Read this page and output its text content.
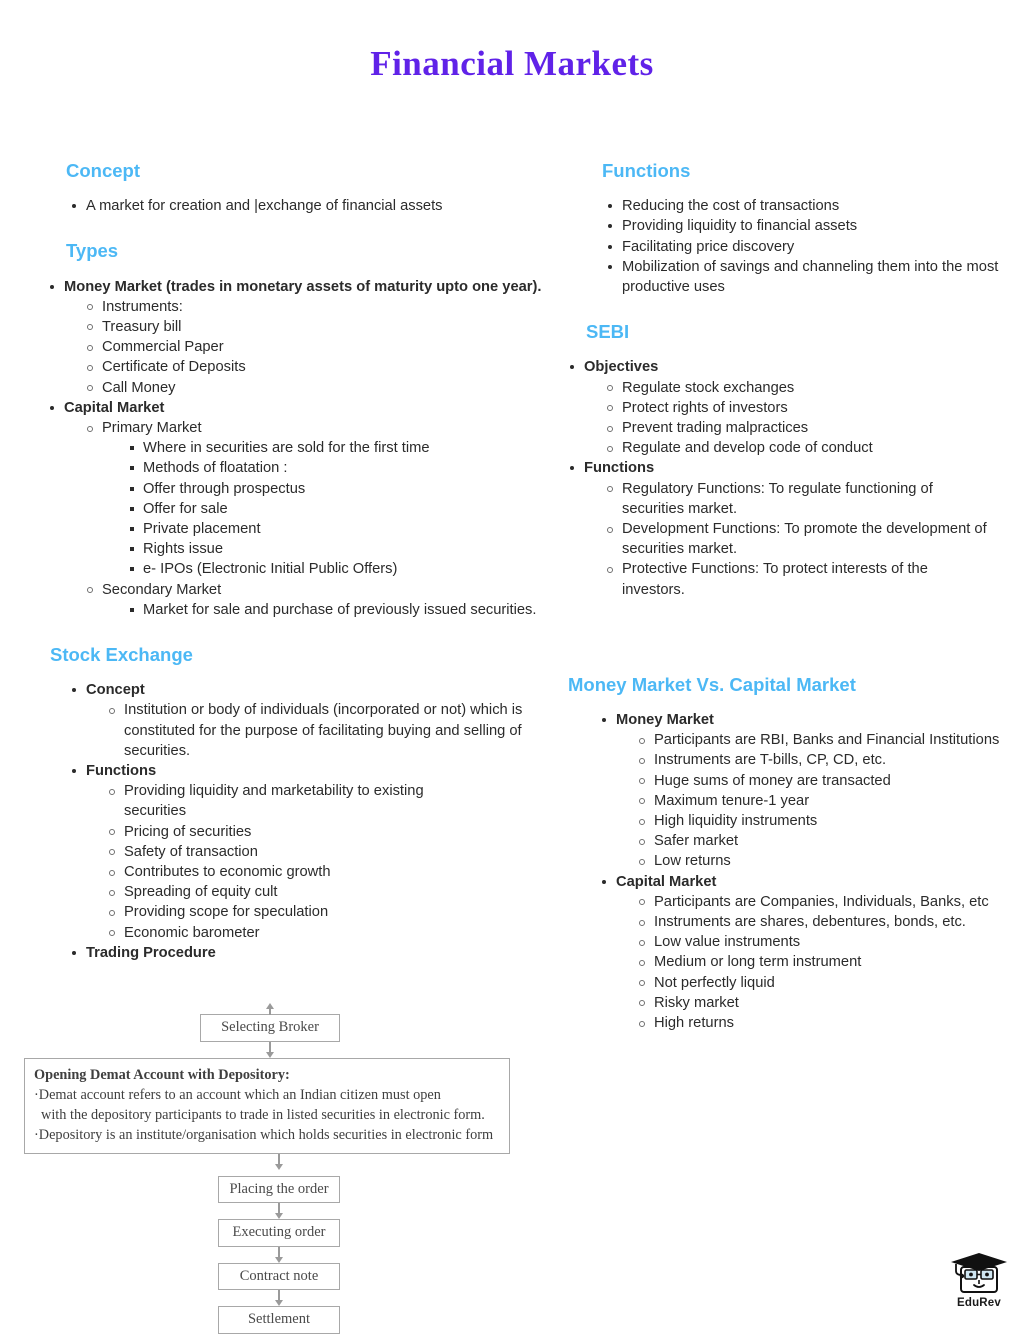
Financial Markets
Concept
A market for creation and |exchange of financial assets
Types
Money Market (trades in monetary assets of maturity upto one year).
Instruments:
Treasury bill
Commercial Paper
Certificate of Deposits
Call Money
Capital Market
Primary Market
Where in securities are sold for the first time
Methods of floatation :
Offer through prospectus
Offer for sale
Private placement
Rights issue
e- IPOs (Electronic Initial Public Offers)
Secondary Market
Market for sale and purchase of previously issued securities.
Stock Exchange
Concept
Institution or body of individuals (incorporated or not) which is constituted for the purpose of facilitating buying and selling of securities.
Functions
Providing liquidity and marketability to existing securities
Pricing of securities
Safety of transaction
Contributes to economic growth
Spreading of equity cult
Providing scope for speculation
Economic barometer
Trading Procedure
Functions
Reducing the cost of transactions
Providing liquidity to financial assets
Facilitating price discovery
Mobilization of savings and channeling them into the most productive uses
SEBI
Objectives
Regulate stock exchanges
Protect rights of investors
Prevent trading malpractices
Regulate and develop code of conduct
Functions
Regulatory Functions: To regulate functioning of securities market.
Development Functions: To promote the development of securities market.
Protective Functions: To protect interests of the investors.
Money Market Vs. Capital Market
Money Market
Participants are RBI, Banks and Financial Institutions
Instruments are T-bills, CP, CD, etc.
Huge sums of money are transacted
Maximum tenure-1 year
High liquidity instruments
Safer market
Low returns
Capital Market
Participants are Companies, Individuals, Banks, etc
Instruments are shares, debentures, bonds, etc.
Low value instruments
Medium or long term instrument
Not perfectly liquid
Risky market
High returns
Selecting Broker
Opening Demat Account with Depository:
·Demat account refers to an account which an Indian citizen must open
with the depository participants to trade in listed securities in electronic form.
·Depository is an institute/organisation which holds securities in electronic form
Placing the order
Executing order
Contract note
Settlement
EduRev
